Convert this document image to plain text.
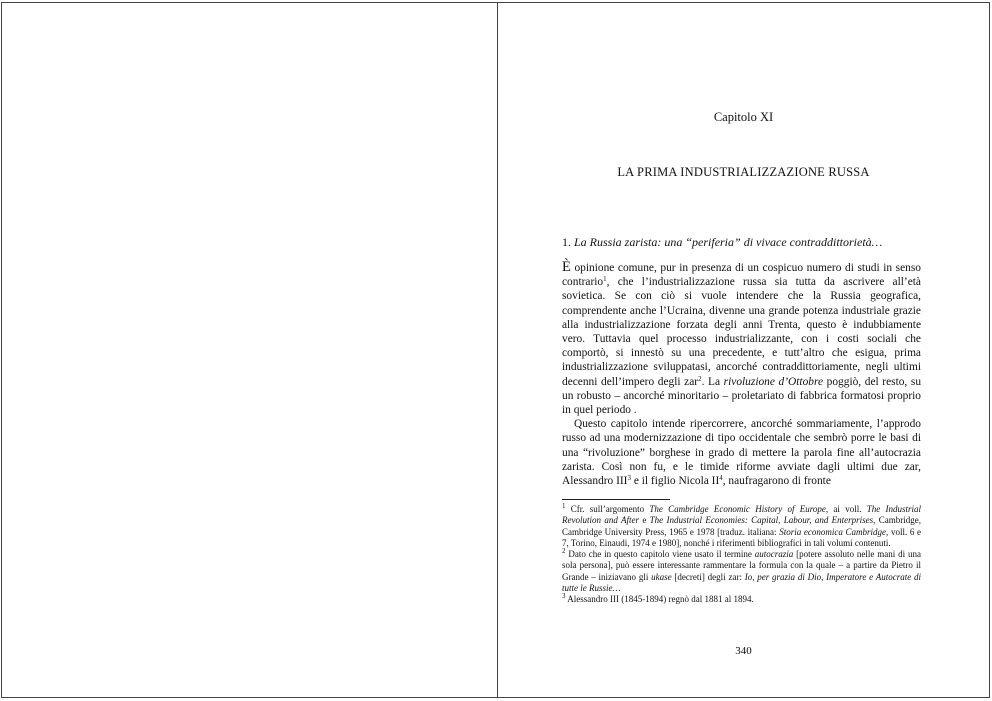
Capitolo XI
LA PRIMA INDUSTRIALIZZAZIONE RUSSA
1. La Russia zarista: una “periferia” di vivace contraddittorietà…

È opinione comune, pur in presenza di un cospicuo numero di studi in senso contrario$^1$, che l’industrializzazione russa sia tutta da ascrivere all’età sovietica. Se con ciò si vuole intendere che la Russia geografica, comprendente anche l’Ucraina, divenne una grande potenza industriale grazie alla industrializzazione forzata degli anni Trenta, questo è indubbiamente vero. Tuttavia quel processo industrializzante, con i costi sociali che comportò, si innestò su una precedente, e tutt’altro che esigua, prima industrializzazione sviluppatasi, ancorché contraddittoriamente, negli ultimi decenni dell’impero degli zar$^2$. La rivoluzione d’Ottobre poggiò, del resto, su un robusto – ancorché minoritario – proletariato di fabbrica formatosi proprio in quel periodo .

Questo capitolo intende ripercorrere, ancorché sommariamente, l’approdo russo ad una modernizzazione di tipo occidentale che sembrò porre le basi di una “rivoluzione” borghese in grado di mettere la parola fine all’autocrazia zarista. Così non fu, e le timide riforme avviate dagli ultimi due zar, Alessandro III$^3$ e il figlio Nicola $II^4$, naufragarono di fronte

$^1$ Cfr. sull’argomento The Cambridge Economic History of Europe, ai voll. The Industrial Revolution and After e The Industrial Economies: Capital, Labour, and Enterprises, Cambridge, Cambridge University Press, 1965 e 1978 [traduz. italiana: Storia economica Cambridge, voll. 6 e 7, Torino, Einaudi, 1974 e 1980], nonché i riferimenti bibliografici in tali volumi contenuti.

$^2$ Dato che in questo capitolo viene usato il termine autocrazia [potere assoluto nelle mani di una sola persona], può essere interessante rammentare la formula con la quale – a partire da Pietro il Grande – iniziavano gli ukase [decreti] degli zar: Io, per grazia di Dio, Imperatore e Autocrate di tutte le Russie…

$^3$ Alessandro III (1845-1894) regnò dal 1881 al 1894.

340
